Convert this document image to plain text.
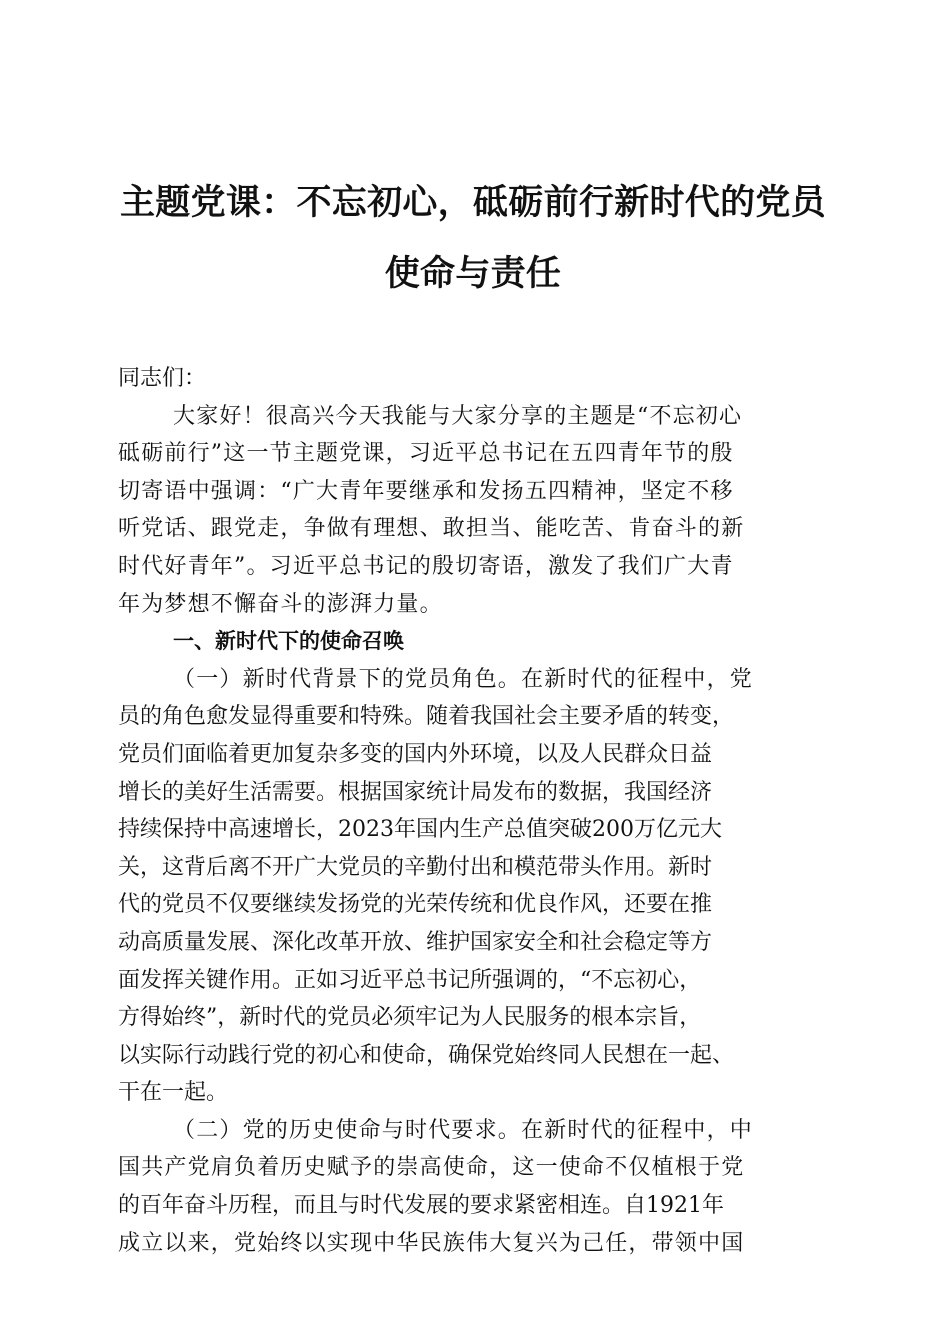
主题党课：不忘初心，砥砺前行新时代的党员
使命与责任
同志们：
大家好！很高兴今天我能与大家分享的主题是“不忘初心
砥砺前行”这一节主题党课，习近平总书记在五四青年节的殷
切寄语中强调：“广大青年要继承和发扬五四精神，坚定不移
听党话、跟党走，争做有理想、敢担当、能吃苦、肯奋斗的新
时代好青年”。习近平总书记的殷切寄语，激发了我们广大青
年为梦想不懈奋斗的澎湃力量。
一、新时代下的使命召唤
（一）新时代背景下的党员角色。在新时代的征程中，党
员的角色愈发显得重要和特殊。随着我国社会主要矛盾的转变，
党员们面临着更加复杂多变的国内外环境，以及人民群众日益
增长的美好生活需要。根据国家统计局发布的数据，我国经济
持续保持中高速增长，2023年国内生产总值突破200万亿元大
关，这背后离不开广大党员的辛勤付出和模范带头作用。新时
代的党员不仅要继续发扬党的光荣传统和优良作风，还要在推
动高质量发展、深化改革开放、维护国家安全和社会稳定等方
面发挥关键作用。正如习近平总书记所强调的，“不忘初心，
方得始终”，新时代的党员必须牢记为人民服务的根本宗旨，
以实际行动践行党的初心和使命，确保党始终同人民想在一起、
干在一起。
（二）党的历史使命与时代要求。在新时代的征程中，中
国共产党肩负着历史赋予的崇高使命，这一使命不仅植根于党
的百年奋斗历程，而且与时代发展的要求紧密相连。自1921年
成立以来，党始终以实现中华民族伟大复兴为己任，带领中国
